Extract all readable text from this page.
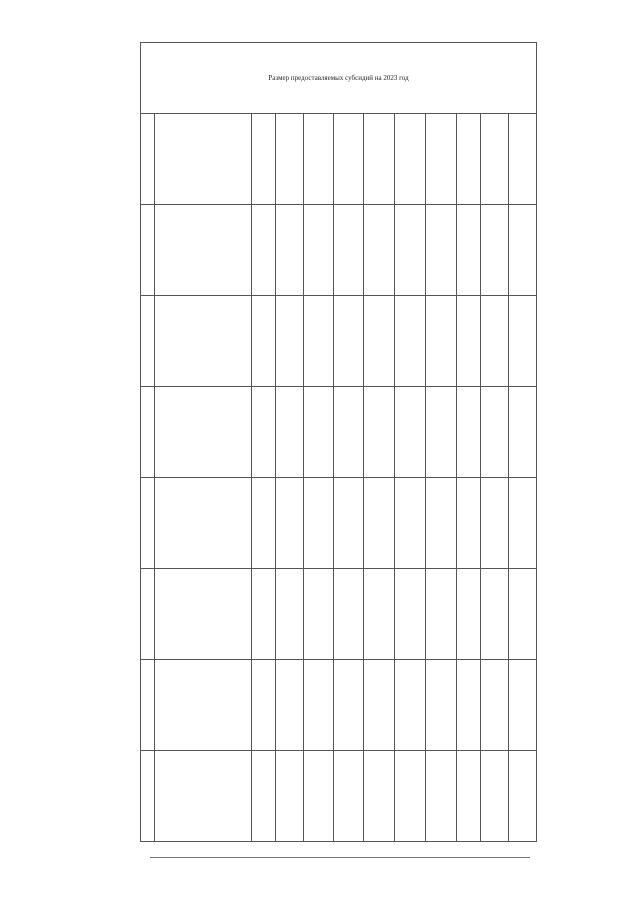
Размер предоставляемых субсидий на 2023 год											
